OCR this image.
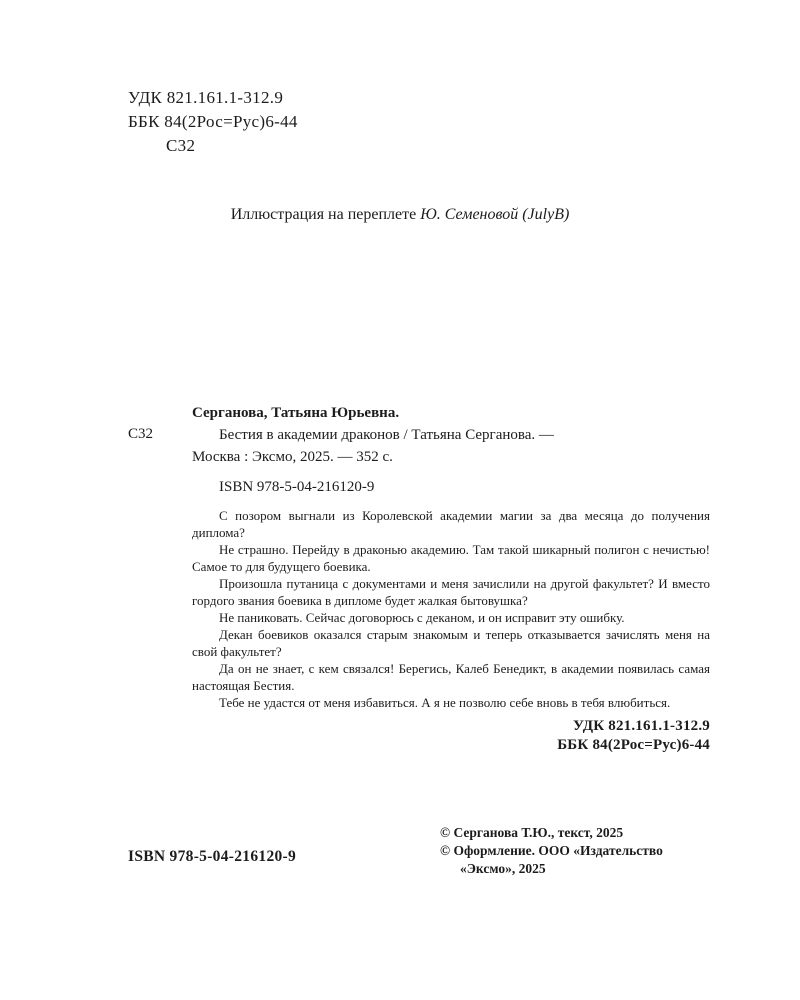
УДК 821.161.1-312.9
ББК 84(2Рос=Рус)6-44
С32
Иллюстрация на переплете Ю. Семеновой (JulyB)
С32
Серганова, Татьяна Юрьевна.
Бестия в академии драконов / Татьяна Серганова. —
Москва : Эксмо, 2025. — 352 с.
ISBN 978-5-04-216120-9

С позором выгнали из Королевской академии магии за два месяца до получения диплома?

Не страшно. Перейду в драконью академию. Там такой шикарный полигон с нечистью! Самое то для будущего боевика.

Произошла путаница с документами и меня зачислили на другой факультет? И вместо гордого звания боевика в дипломе будет жалкая бытовушка?

Не паниковать. Сейчас договорюсь с деканом, и он исправит эту ошибку.

Декан боевиков оказался старым знакомым и теперь отказывается зачислять меня на свой факультет?

Да он не знает, с кем связался! Берегись, Калеб Бенедикт, в академии появилась самая настоящая Бестия.

Тебе не удастся от меня избавиться. А я не позволю себе вновь в тебя влюбиться.

УДК 821.161.1-312.9
ББК 84(2Рос=Рус)6-44
© Серганова Т.Ю., текст, 2025
© Оформление. ООО «Издательство
«Эксмо», 2025
ISBN 978-5-04-216120-9
